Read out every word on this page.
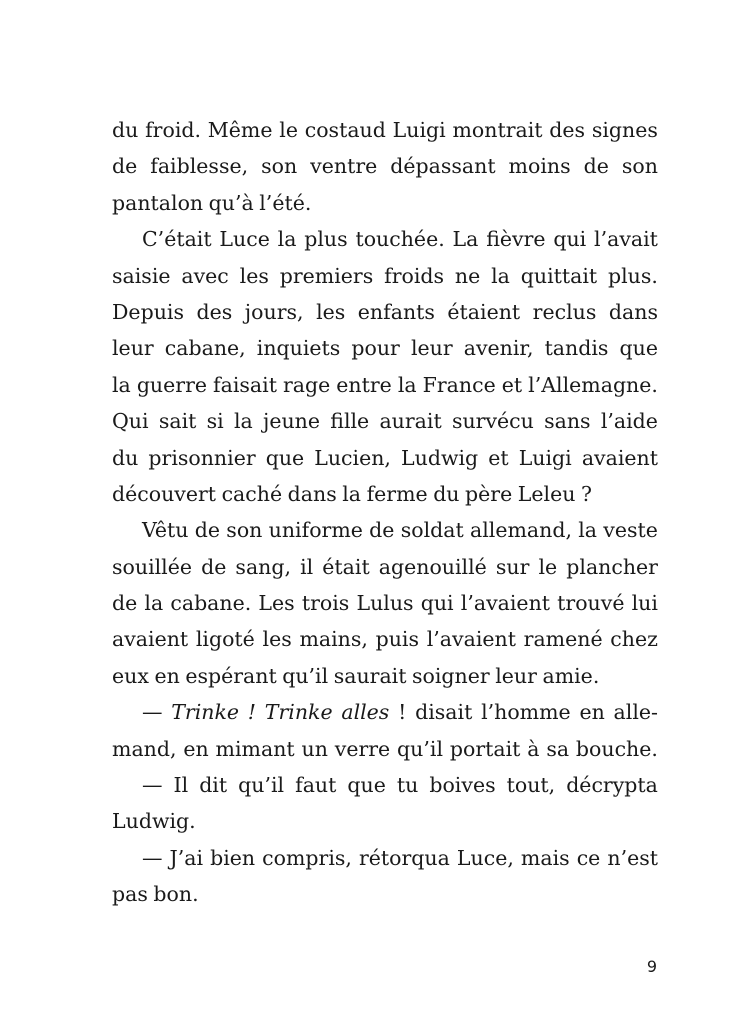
du froid. Même le costaud Luigi montrait des signes
de faiblesse, son ventre dépassant moins de son
pantalon qu’à l’été.
C’était Luce la plus touchée. La fièvre qui l’avait
saisie avec les premiers froids ne la quittait plus.
Depuis des jours, les enfants étaient reclus dans
leur cabane, inquiets pour leur avenir, tandis que
la guerre faisait rage entre la France et l’Allemagne.
Qui sait si la jeune fille aurait survécu sans l’aide
du prisonnier que Lucien, Ludwig et Luigi avaient
découvert caché dans la ferme du père Leleu ?
Vêtu de son uniforme de soldat allemand, la veste
souillée de sang, il était agenouillé sur le plancher
de la cabane. Les trois Lulus qui l’avaient trouvé lui
avaient ligoté les mains, puis l’avaient ramené chez
eux en espérant qu’il saurait soigner leur amie.
— Trinke ! Trinke alles ! disait l’homme en alle-
mand, en mimant un verre qu’il portait à sa bouche.
— Il dit qu’il faut que tu boives tout, décrypta
Ludwig.
— J’ai bien compris, rétorqua Luce, mais ce n’est
pas bon.
9
